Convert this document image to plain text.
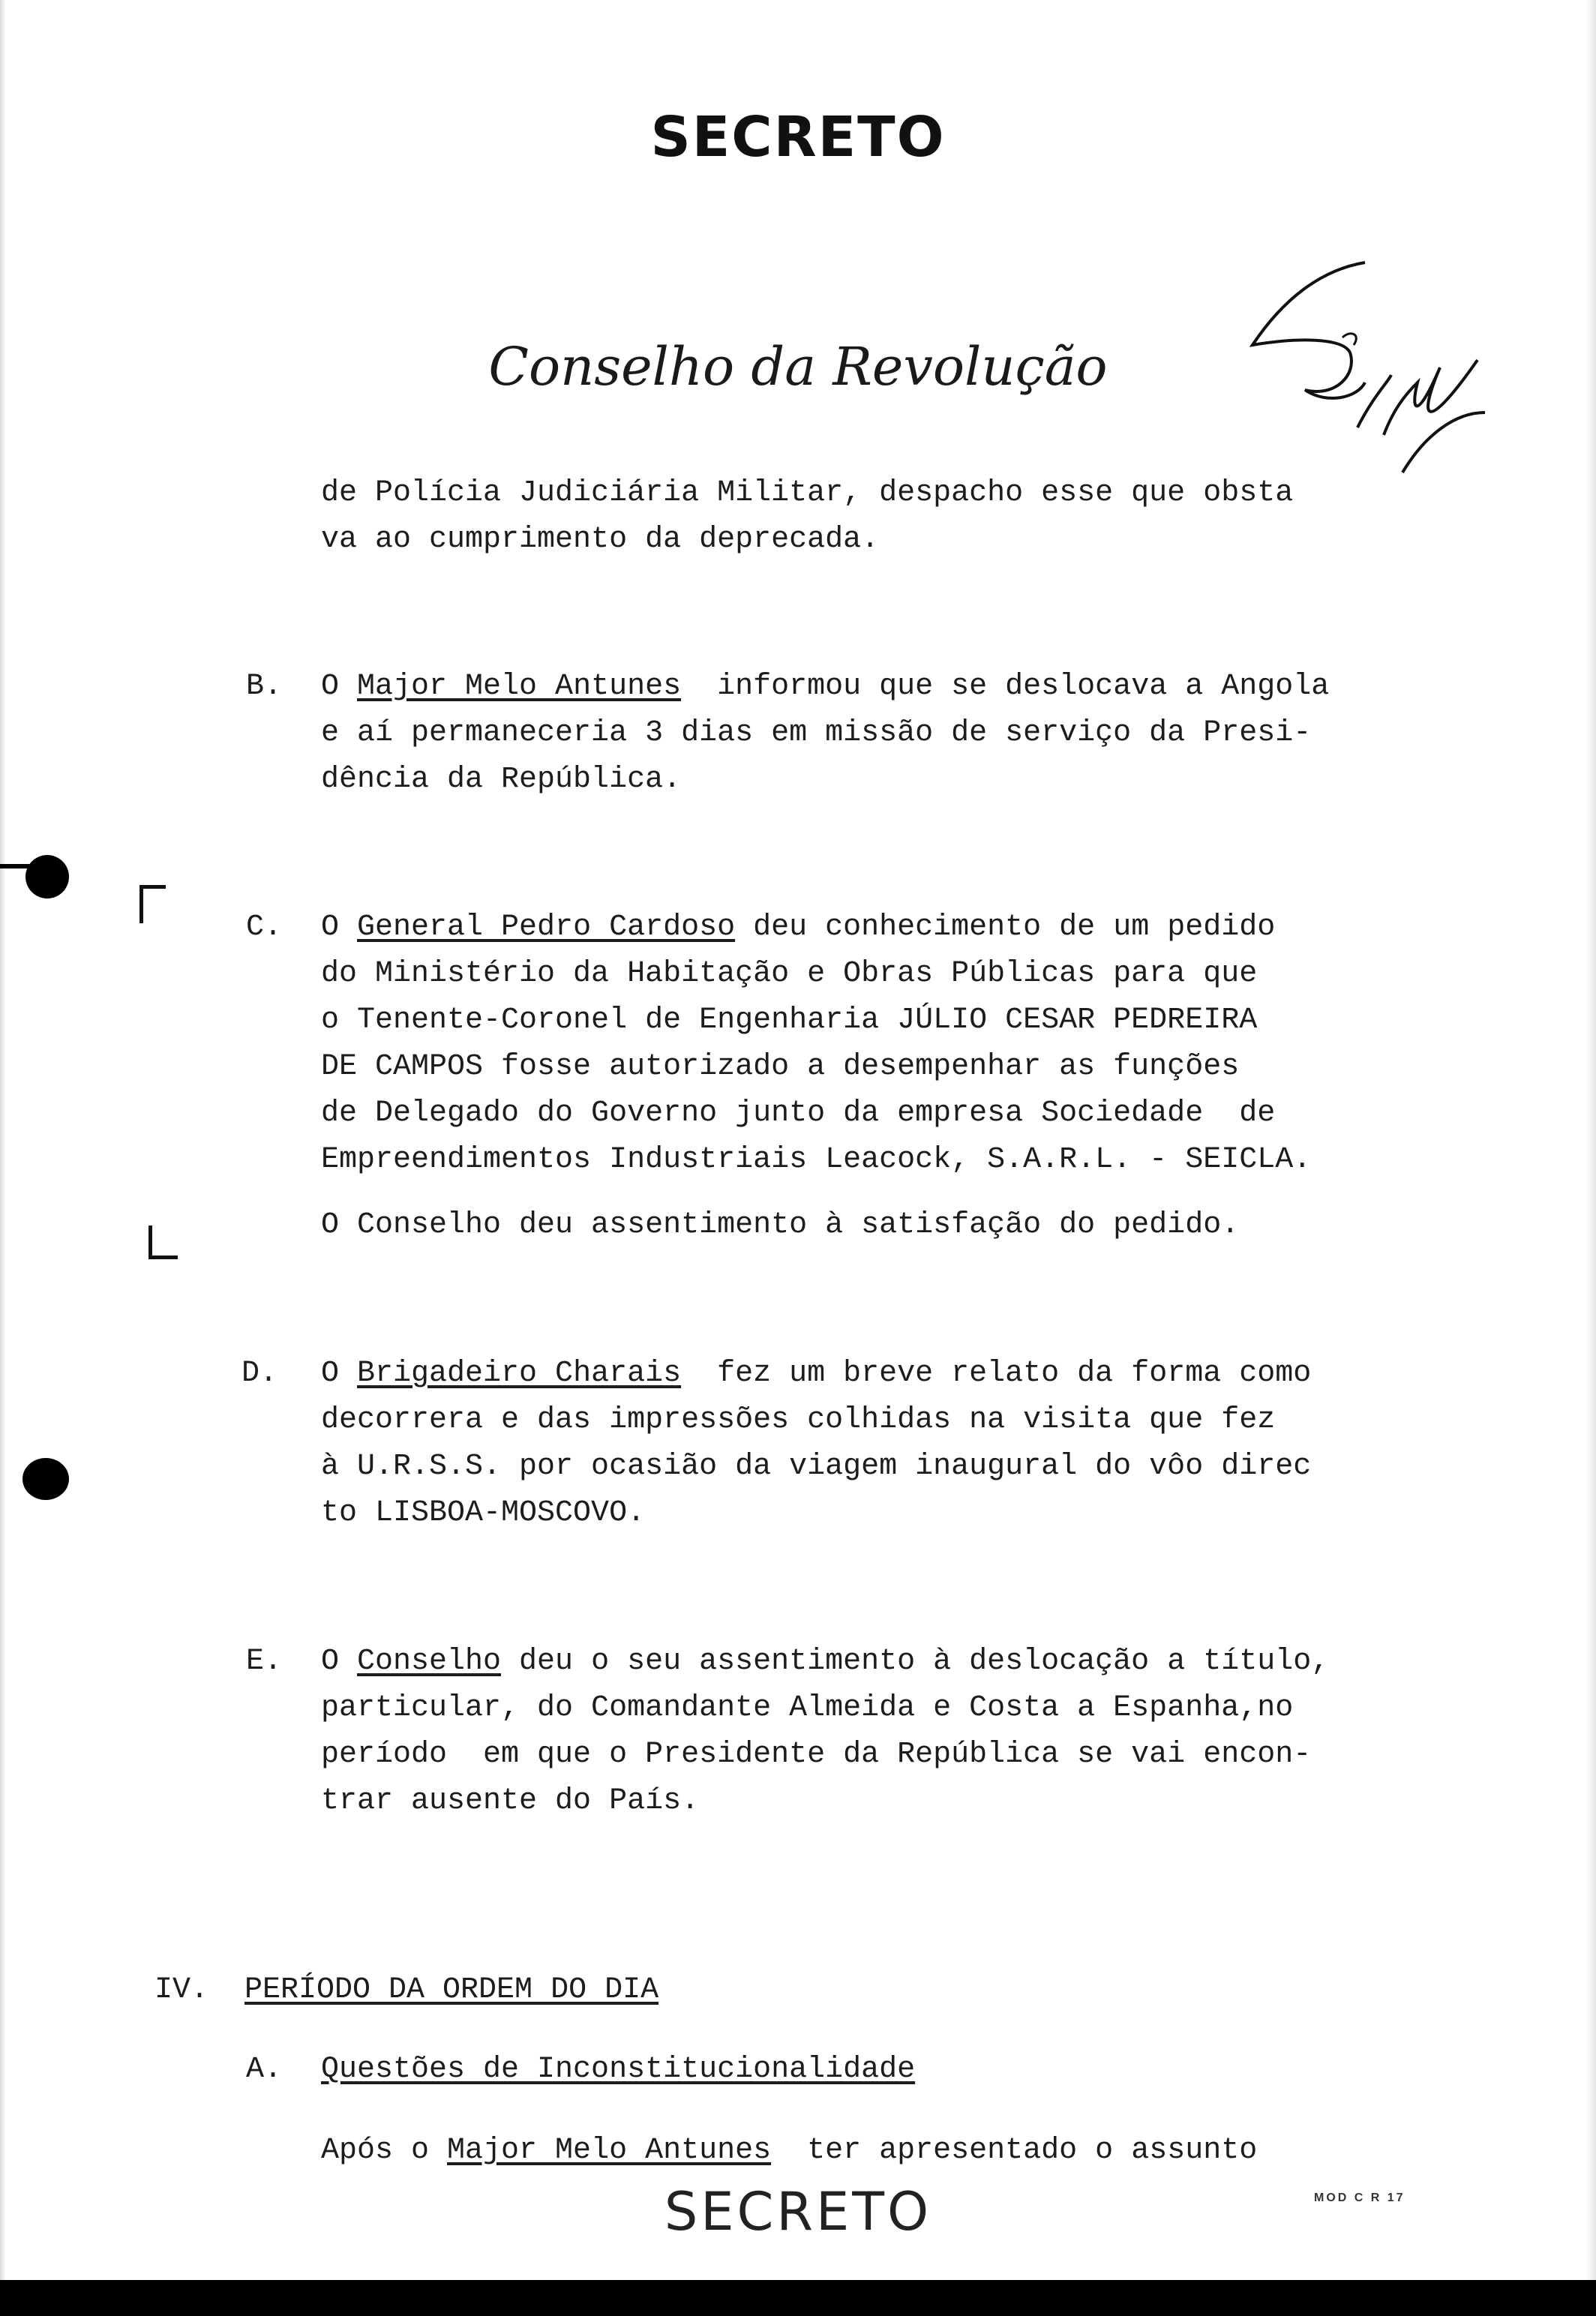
SECRETO
Conselho da Revolução
B.
C.
D.
E.
IV.
A.
de Polícia Judiciária Militar, despacho esse que obsta
va ao cumprimento da deprecada.
O Major Melo Antunes  informou que se deslocava a Angola
e aí permaneceria 3 dias em missão de serviço da Presi-
dência da República.
O General Pedro Cardoso deu conhecimento de um pedido
do Ministério da Habitação e Obras Públicas para que
o Tenente-Coronel de Engenharia JÚLIO CESAR PEDREIRA
DE CAMPOS fosse autorizado a desempenhar as funções
de Delegado do Governo junto da empresa Sociedade  de
Empreendimentos Industriais Leacock, S.A.R.L. - SEICLA.
O Conselho deu assentimento à satisfação do pedido.
O Brigadeiro Charais  fez um breve relato da forma como
decorrera e das impressões colhidas na visita que fez
à U.R.S.S. por ocasião da viagem inaugural do vôo direc
to LISBOA-MOSCOVO.
O Conselho deu o seu assentimento à deslocação a título,
particular, do Comandante Almeida e Costa a Espanha,no
período  em que o Presidente da República se vai encon-
trar ausente do País.
PERÍODO DA ORDEM DO DIA
Questões de Inconstitucionalidade
Após o Major Melo Antunes  ter apresentado o assunto
SECRETO	MOD C R 17
